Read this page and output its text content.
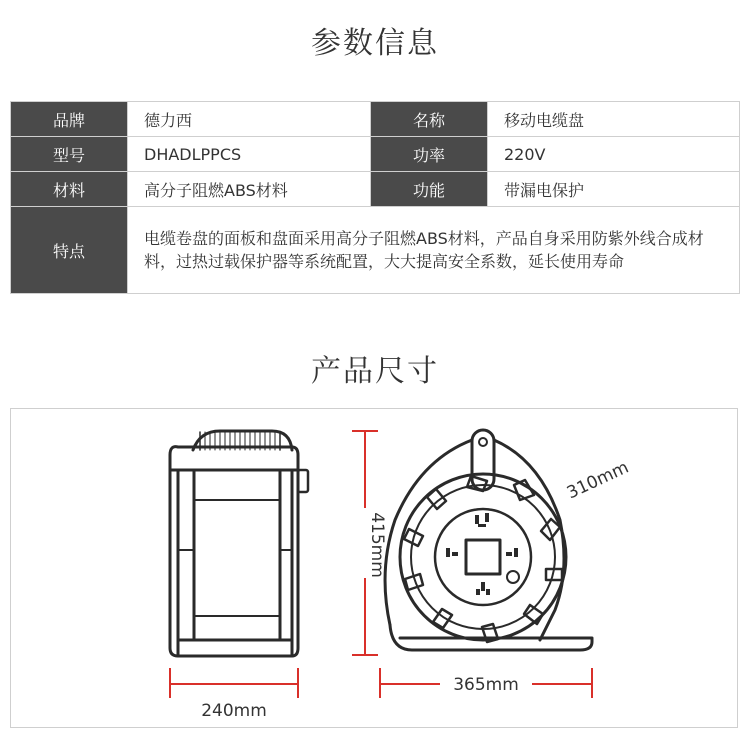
参数信息
品牌	德力西	名称	移动电缆盘
型号	DHADLPPCS	功率	220V
材料	高分子阻燃ABS材料	功能	带漏电保护
特点	电缆卷盘的面板和盘面采用高分子阻燃ABS材料，产品自身采用防紫外线合成材料，过热过载保护器等系统配置，大大提高安全系数，延长使用寿命		
产品尺寸
240mm
415mm
310mm
365mm
